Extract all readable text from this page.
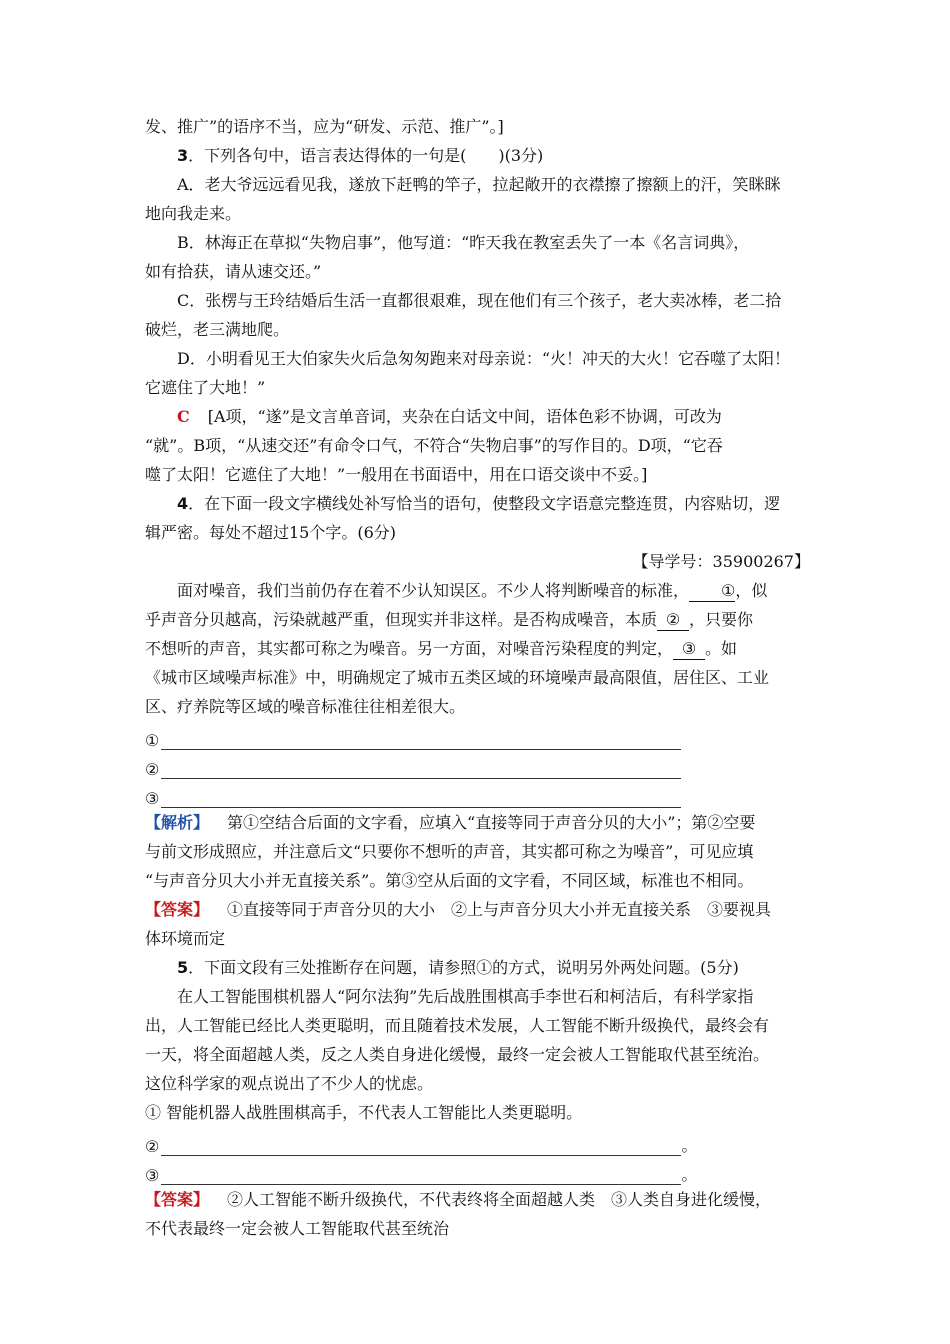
发、推广”的语序不当，应为“研发、示范、推广”。]

3．下列各句中，语言表达得体的一句是(　　)(3分)

A．老大爷远远看见我，遂放下赶鸭的竿子，拉起敞开的衣襟擦了擦额上的汗，笑眯眯

地向我走来。

B．林海正在草拟“失物启事”，他写道：“昨天我在教室丢失了一本《名言词典》，

如有拾获，请从速交还。”

C．张楞与王玲结婚后生活一直都很艰难，现在他们有三个孩子，老大卖冰棒，老二拾

破烂，老三满地爬。

D．小明看见王大伯家失火后急匆匆跑来对母亲说：“火！冲天的大火！它吞噬了太阳！

它遮住了大地！”

C [A项，“遂”是文言单音词，夹杂在白话文中间，语体色彩不协调，可改为

“就”。B项，“从速交还”有命令口气，不符合“失物启事”的写作目的。D项，“它吞

噬了太阳！它遮住了大地！”一般用在书面语中，用在口语交谈中不妥。]

4．在下面一段文字横线处补写恰当的语句，使整段文字语意完整连贯，内容贴切，逻

辑严密。每处不超过15个字。(6分)

【导学号：35900267】

面对噪音，我们当前仍存在着不少认知误区。不少人将判断噪音的标准， ①，似

乎声音分贝越高，污染就越严重，但现实并非这样。是否构成噪音，本质 ② ，只要你

不想听的声音，其实都可称之为噪音。另一方面，对噪音污染程度的判定， ③ 。如

《城市区域噪声标准》中，明确规定了城市五类区域的环境噪声最高限值，居住区、工业

区、疗养院等区域的噪音标准往往相差很大。

①
②
③

【解析】 第①空结合后面的文字看，应填入“直接等同于声音分贝的大小”；第②空要

与前文形成照应，并注意后文“只要你不想听的声音，其实都可称之为噪音”，可见应填

“与声音分贝大小并无直接关系”。第③空从后面的文字看，不同区域，标准也不相同。

【答案】 ①直接等同于声音分贝的大小　②上与声音分贝大小并无直接关系　③要视具

体环境而定

5．下面文段有三处推断存在问题，请参照①的方式，说明另外两处问题。(5分)

在人工智能围棋机器人“阿尔法狗”先后战胜围棋高手李世石和柯洁后，有科学家指

出，人工智能已经比人类更聪明，而且随着技术发展，人工智能不断升级换代，最终会有

一天，将全面超越人类，反之人类自身进化缓慢，最终一定会被人工智能取代甚至统治。

这位科学家的观点说出了不少人的忧虑。

① 智能机器人战胜围棋高手，不代表人工智能比人类更聪明。

②	。
③	。

【答案】 ②人工智能不断升级换代，不代表终将全面超越人类　③人类自身进化缓慢，

不代表最终一定会被人工智能取代甚至统治
